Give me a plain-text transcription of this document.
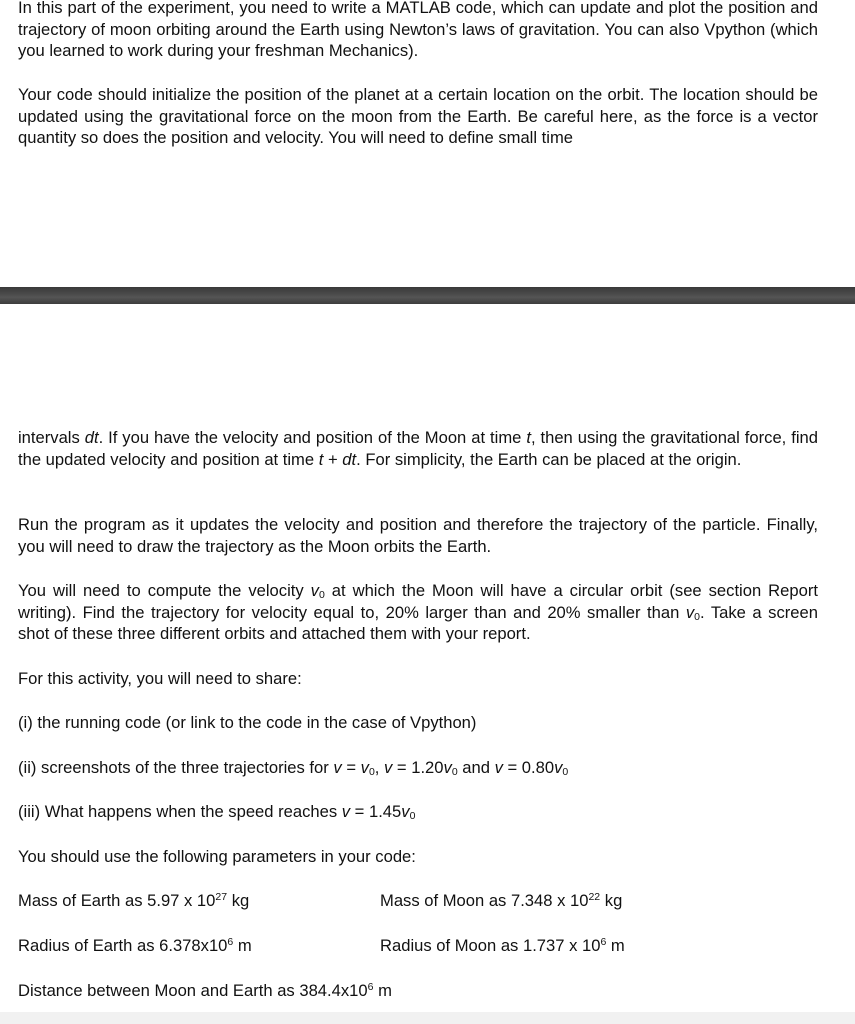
In this part of the experiment, you need to write a MATLAB code, which can update and plot the position and trajectory of moon orbiting around the Earth using Newton’s laws of gravitation. You can also Vpython (which you learned to work during your freshman Mechanics).

Your code should initialize the position of the planet at a certain location on the orbit. The location should be updated using the gravitational force on the moon from the Earth. Be careful here, as the force is a vector quantity so does the position and velocity. You will need to define small time

intervals dt. If you have the velocity and position of the Moon at time t, then using the gravitational force, find the updated velocity and position at time t + dt. For simplicity, the Earth can be placed at the origin.

Run the program as it updates the velocity and position and therefore the trajectory of the particle. Finally, you will need to draw the trajectory as the Moon orbits the Earth.

You will need to compute the velocity $v_0$ at which the Moon will have a circular orbit (see section Report writing). Find the trajectory for velocity equal to, 20% larger than and 20% smaller than $v_0$. Take a screen shot of these three different orbits and attached them with your report.

For this activity, you will need to share:
(i) the running code (or link to the code in the case of Vpython)
(ii) screenshots of the three trajectories for $v = v_0$, $v = 1.20v_0$ and $v = 0.80v_0$
(iii) What happens when the speed reaches $v = 1.45v_0$
You should use the following parameters in your code:
Mass of Earth as 5.97 x $10^{27}$ kg	Mass of Moon as 7.348 x $10^{22}$ kg
Radius of Earth as $6.378x10^6$ m	Radius of Moon as 1.737 x $10^6$ m
Distance between Moon and Earth as $384.4x10^6$ m
